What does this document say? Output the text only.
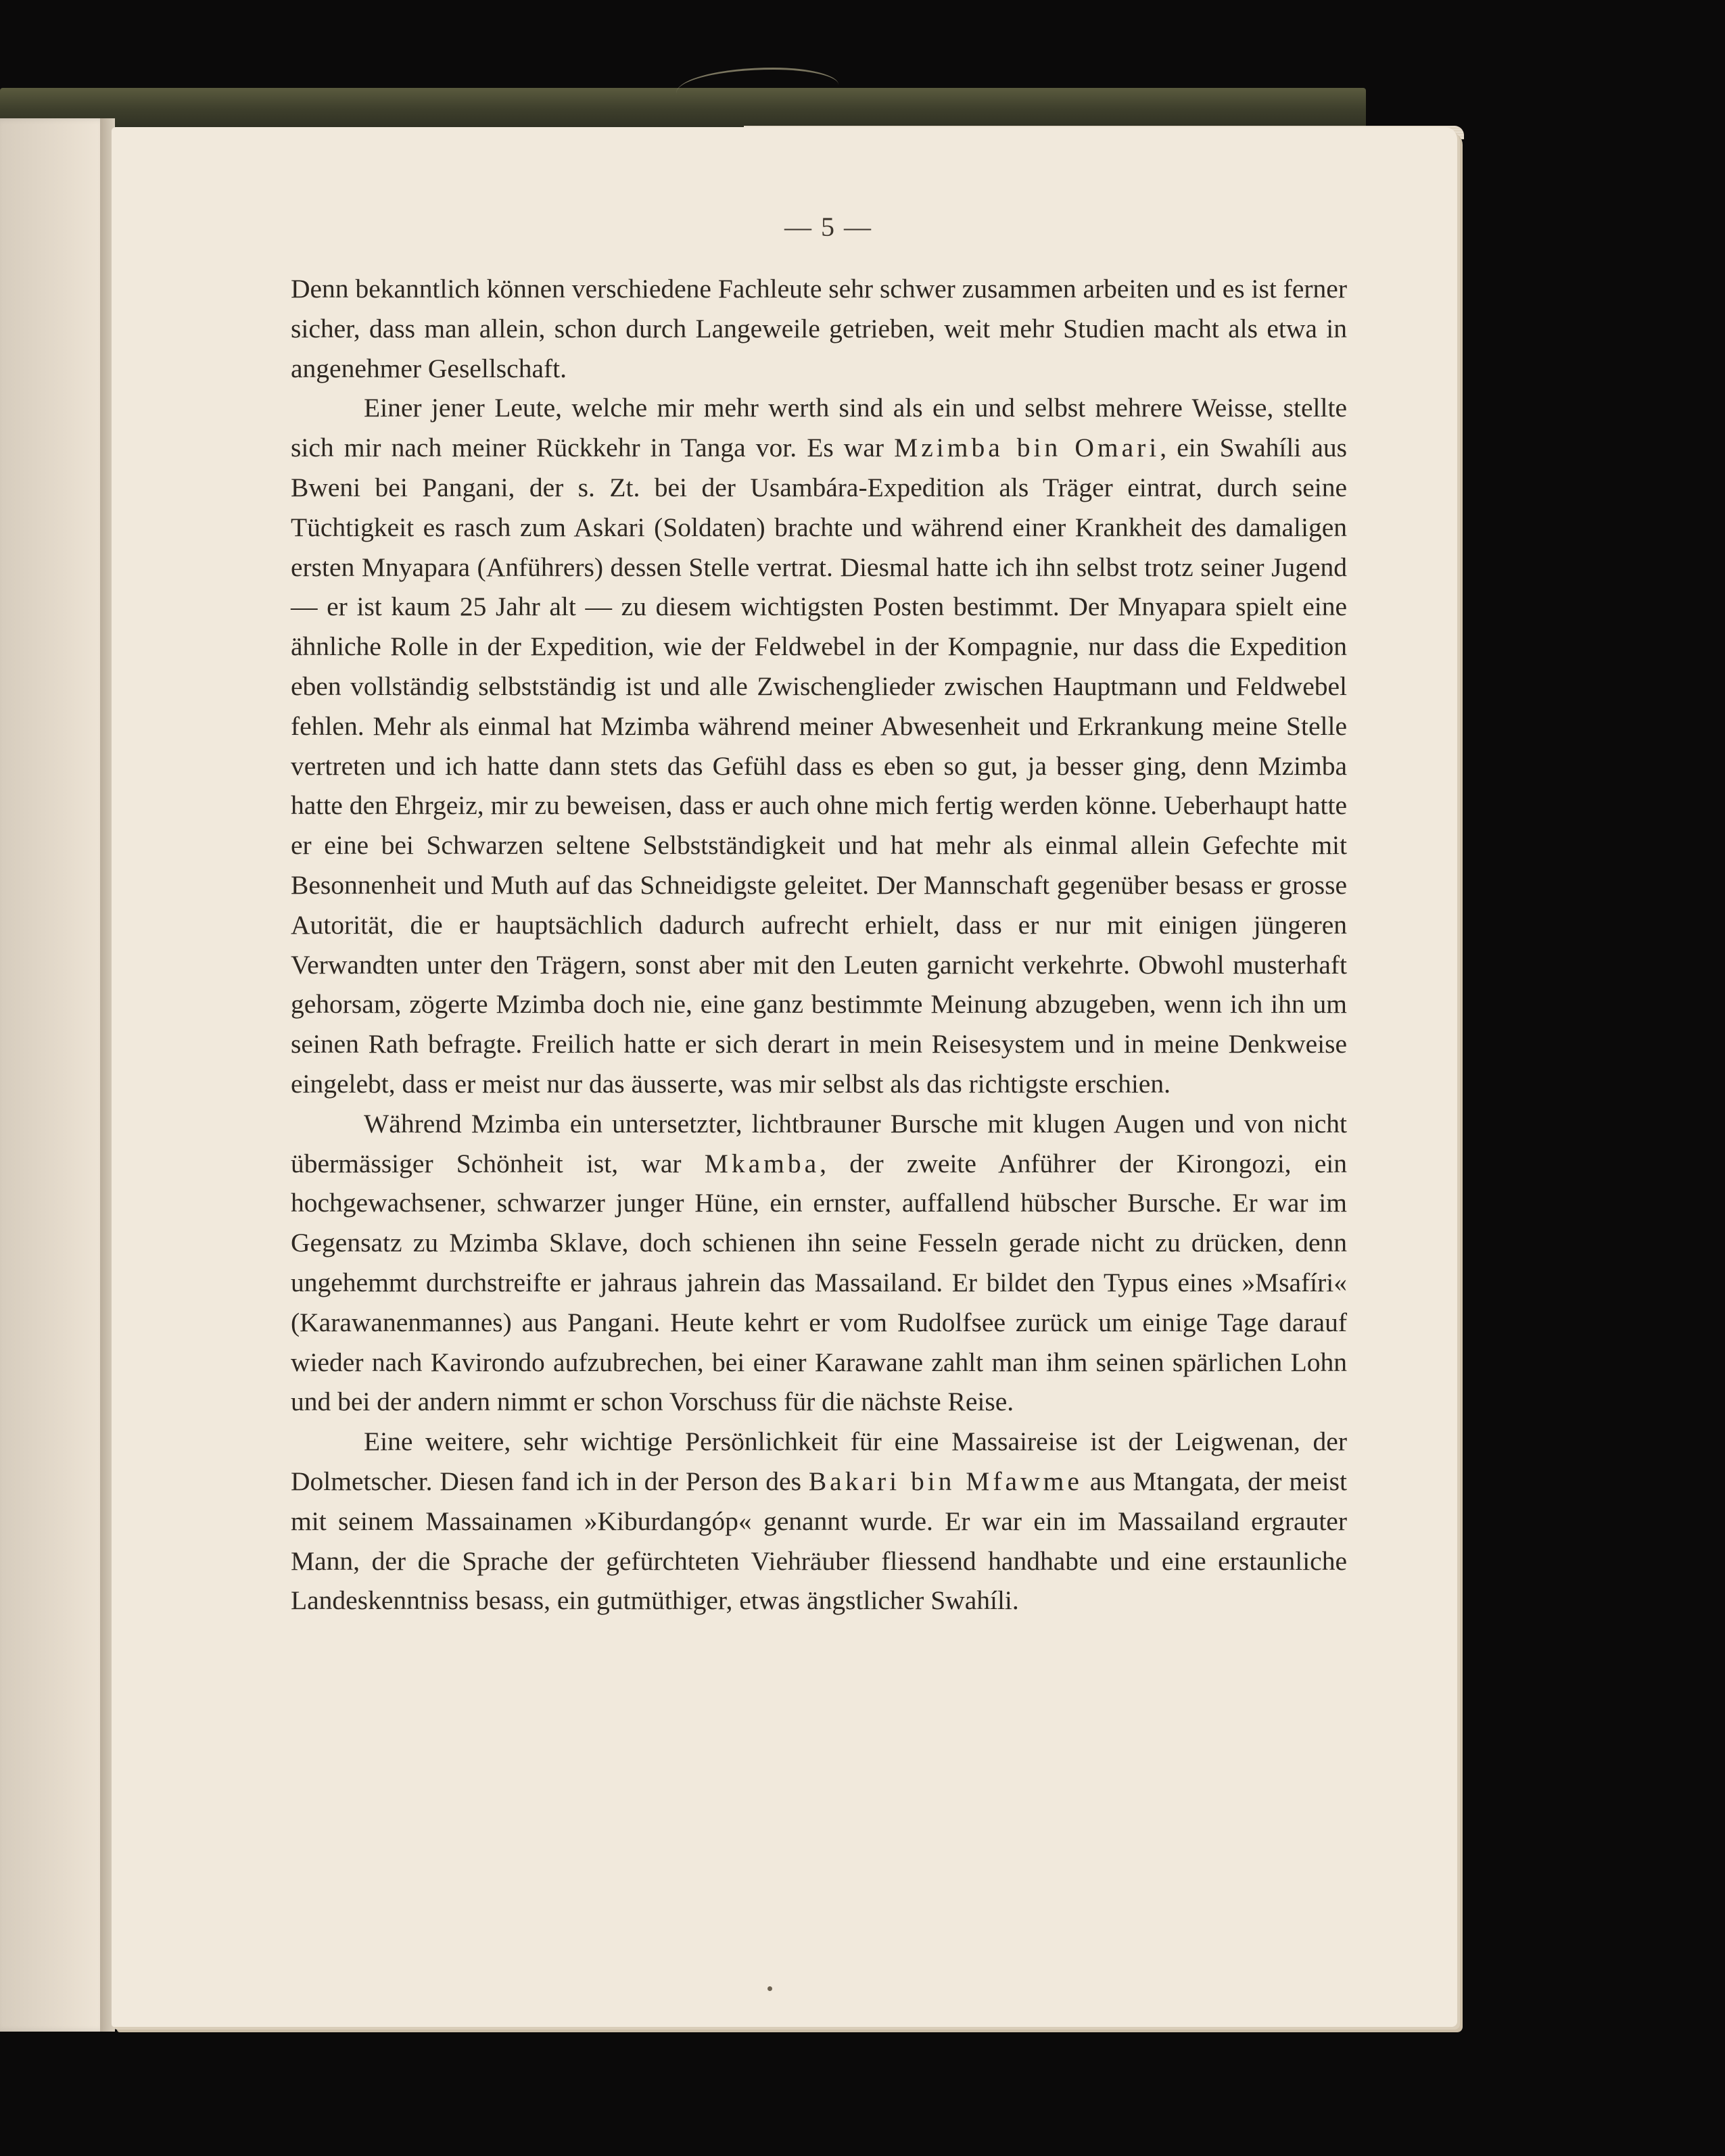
— 5 —

Denn bekanntlich können verschiedene Fachleute sehr schwer zusammen arbeiten und es ist ferner sicher, dass man allein, schon durch Langeweile getrieben, weit mehr Studien macht als etwa in angenehmer Gesellschaft.

Einer jener Leute, welche mir mehr werth sind als ein und selbst mehrere Weisse, stellte sich mir nach meiner Rückkehr in Tanga vor. Es war Mzimba bin Omari, ein Swahíli aus Bweni bei Pangani, der s. Zt. bei der Usambára-Expedition als Träger eintrat, durch seine Tüchtigkeit es rasch zum Askari (Soldaten) brachte und während einer Krankheit des damaligen ersten Mnyapara (Anführers) dessen Stelle vertrat. Diesmal hatte ich ihn selbst trotz seiner Jugend — er ist kaum 25 Jahr alt — zu diesem wichtigsten Posten bestimmt. Der Mnyapara spielt eine ähnliche Rolle in der Expedition, wie der Feldwebel in der Kompagnie, nur dass die Expedition eben vollständig selbstständig ist und alle Zwischenglieder zwischen Hauptmann und Feldwebel fehlen. Mehr als einmal hat Mzimba während meiner Abwesenheit und Erkrankung meine Stelle vertreten und ich hatte dann stets das Gefühl dass es eben so gut, ja besser ging, denn Mzimba hatte den Ehrgeiz, mir zu beweisen, dass er auch ohne mich fertig werden könne. Ueberhaupt hatte er eine bei Schwarzen seltene Selbstständigkeit und hat mehr als einmal allein Gefechte mit Besonnenheit und Muth auf das Schneidigste geleitet. Der Mannschaft gegenüber besass er grosse Autorität, die er hauptsächlich dadurch aufrecht erhielt, dass er nur mit einigen jüngeren Verwandten unter den Trägern, sonst aber mit den Leuten garnicht verkehrte. Obwohl musterhaft gehorsam, zögerte Mzimba doch nie, eine ganz bestimmte Meinung abzugeben, wenn ich ihn um seinen Rath befragte. Freilich hatte er sich derart in mein Reisesystem und in meine Denkweise eingelebt, dass er meist nur das äusserte, was mir selbst als das richtigste erschien.

Während Mzimba ein untersetzter, lichtbrauner Bursche mit klugen Augen und von nicht übermässiger Schönheit ist, war Mkamba, der zweite Anführer der Kirongozi, ein hochgewachsener, schwarzer junger Hüne, ein ernster, auffallend hübscher Bursche. Er war im Gegensatz zu Mzimba Sklave, doch schienen ihn seine Fesseln gerade nicht zu drücken, denn ungehemmt durchstreifte er jahraus jahrein das Massailand. Er bildet den Typus eines »Msafíri« (Karawanenmannes) aus Pangani. Heute kehrt er vom Rudolfsee zurück um einige Tage darauf wieder nach Kavirondo aufzubrechen, bei einer Karawane zahlt man ihm seinen spärlichen Lohn und bei der andern nimmt er schon Vorschuss für die nächste Reise.

Eine weitere, sehr wichtige Persönlichkeit für eine Massaireise ist der Leigwenan, der Dolmetscher. Diesen fand ich in der Person des Bakari bin Mfawme aus Mtangata, der meist mit seinem Massainamen »Kiburdangóp« genannt wurde. Er war ein im Massailand ergrauter Mann, der die Sprache der gefürchteten Viehräuber fliessend handhabte und eine erstaunliche Landeskenntniss besass, ein gutmüthiger, etwas ängstlicher Swahíli.
